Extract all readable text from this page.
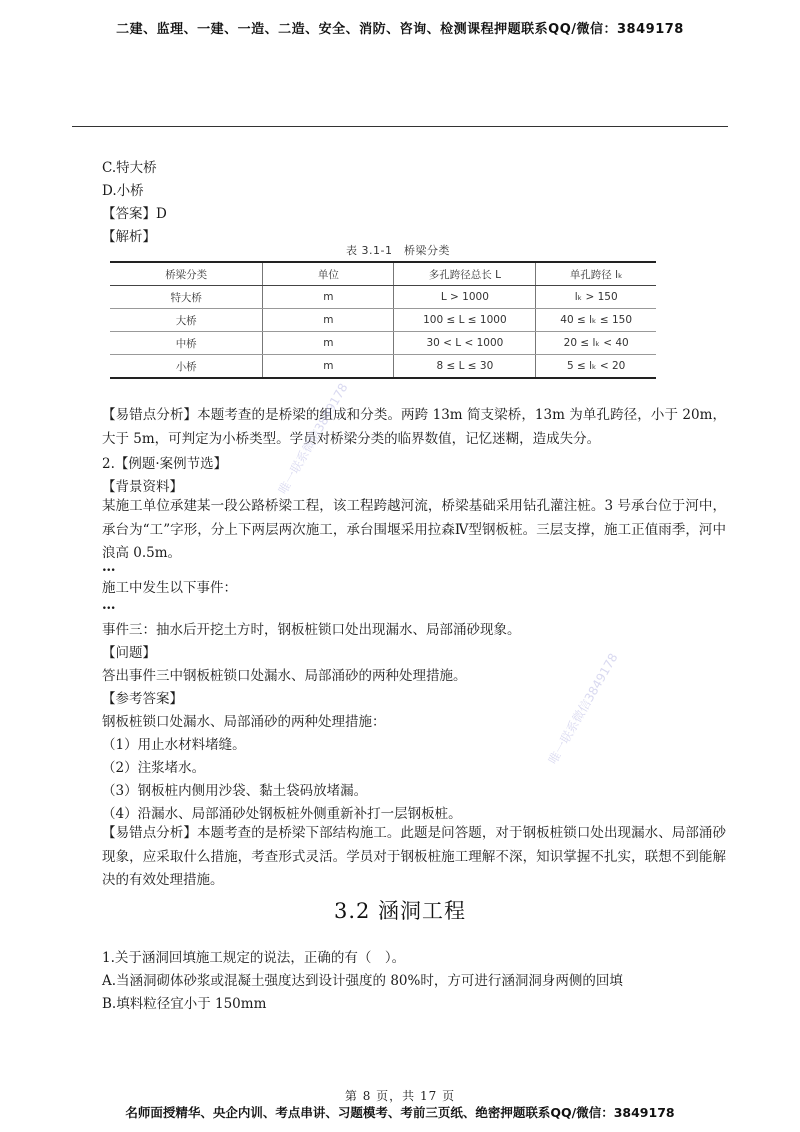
二建、监理、一建、一造、二造、安全、消防、咨询、检测课程押题联系QQ/微信：3849178
C.特大桥
D.小桥
【答案】D
【解析】
表 3.1-1　桥梁分类
桥梁分类	单位	多孔跨径总长 L	单孔跨径 lₖ
特大桥	m	L > 1000	lₖ > 150
大桥	m	100 ≤ L ≤ 1000	40 ≤ lₖ ≤ 150
中桥	m	30 < L < 1000	20 ≤ lₖ < 40
小桥	m	8 ≤ L ≤ 30	5 ≤ lₖ < 20
【易错点分析】本题考查的是桥梁的组成和分类。两跨 13m 简支梁桥，13m 为单孔跨径，小于 20m，大于 5m，可判定为小桥类型。学员对桥梁分类的临界数值，记忆迷糊，造成失分。
2.【例题·案例节选】
【背景资料】
某施工单位承建某一段公路桥梁工程，该工程跨越河流，桥梁基础采用钻孔灌注桩。3 号承台位于河中，承台为“工”字形，分上下两层两次施工，承台围堰采用拉森Ⅳ型钢板桩。三层支撑，施工正值雨季，河中浪高 0.5m。
…
施工中发生以下事件：
…
事件三：抽水后开挖土方时，钢板桩锁口处出现漏水、局部涌砂现象。
【问题】
答出事件三中钢板桩锁口处漏水、局部涌砂的两种处理措施。
【参考答案】
钢板桩锁口处漏水、局部涌砂的两种处理措施：
（1）用止水材料堵缝。
（2）注浆堵水。
（3）钢板桩内侧用沙袋、黏土袋码放堵漏。
（4）沿漏水、局部涌砂处钢板桩外侧重新补打一层钢板桩。
【易错点分析】本题考查的是桥梁下部结构施工。此题是问答题，对于钢板桩锁口处出现漏水、局部涌砂现象，应采取什么措施，考查形式灵活。学员对于钢板桩施工理解不深，知识掌握不扎实，联想不到能解决的有效处理措施。
3.2 涵洞工程
1.关于涵洞回填施工规定的说法，正确的有（　）。
A.当涵洞砌体砂浆或混凝土强度达到设计强度的 80%时，方可进行涵洞洞身两侧的回填
B.填料粒径宜小于 150mm
唯一联系微信3849178
唯一联系微信3849178
第 8 页，共 17 页
名师面授精华、央企内训、考点串讲、习题模考、考前三页纸、绝密押题联系QQ/微信：3849178
